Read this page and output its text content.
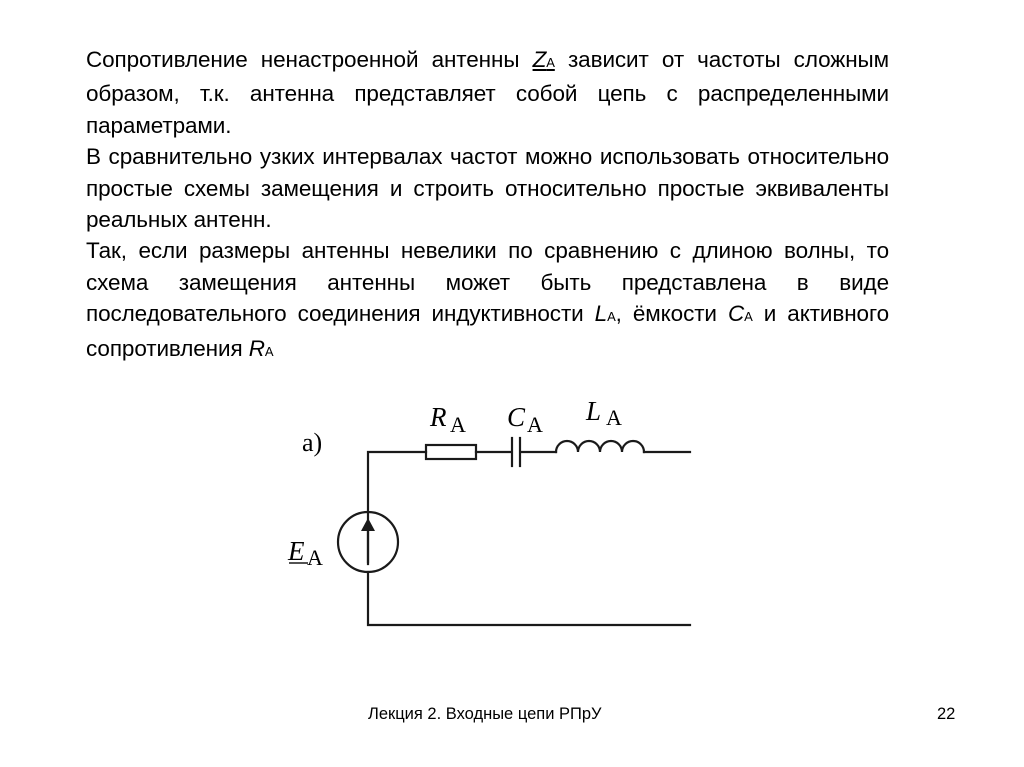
Сопротивление ненастроенной антенны ZA зависит от частоты сложным образом, т.к. антенна представляет собой цепь с распределенными параметрами.

В сравнительно узких интервалах частот можно использовать относительно простые схемы замещения и строить относительно простые эквиваленты реальных антенн.

Так, если размеры антенны невелики по сравнению с длиною волны, то схема замещения антенны может быть представлена в виде последовательного соединения индуктивности LA, ёмкости CA и активного сопротивления RA

а)
R A C A L A
E A
Лекция 2. Входные цепи РПрУ	22
